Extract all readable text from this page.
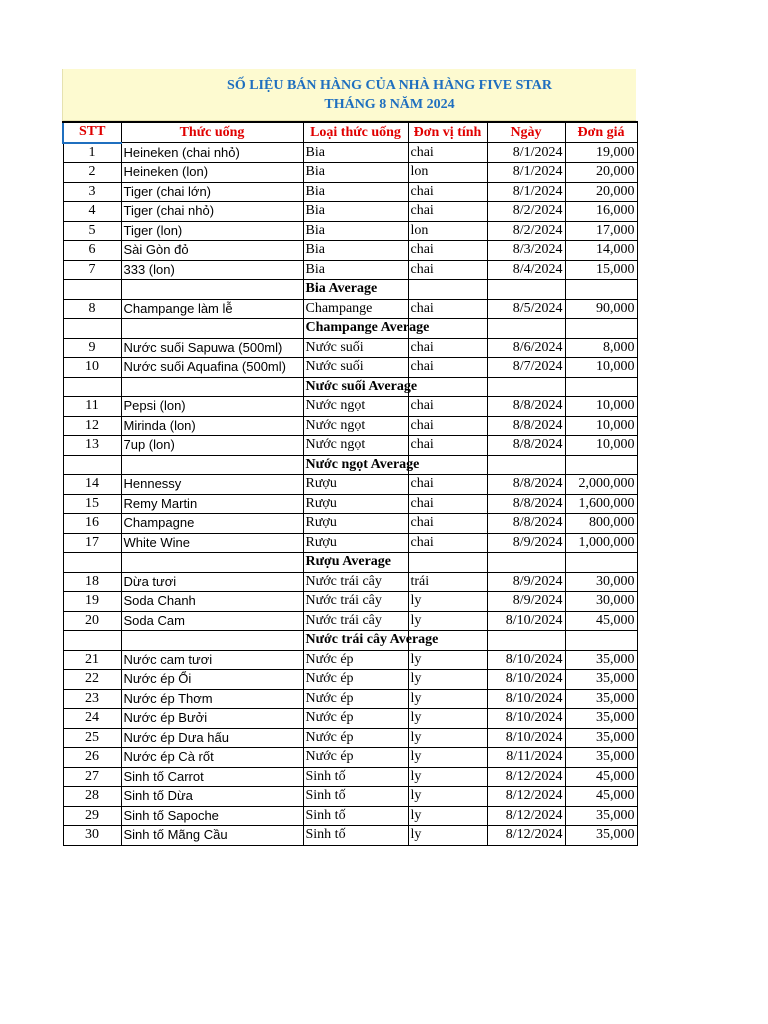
SỐ LIỆU BÁN HÀNG CỦA NHÀ HÀNG FIVE STAR
THÁNG 8 NĂM 2024
STT	Thức uống	Loại thức uống	Đơn vị tính	Ngày	Đơn giá
1	Heineken (chai nhỏ)	Bia	chai	8/1/2024	19,000
2	Heineken (lon)	Bia	lon	8/1/2024	20,000
3	Tiger (chai lớn)	Bia	chai	8/1/2024	20,000
4	Tiger (chai nhỏ)	Bia	chai	8/2/2024	16,000
5	Tiger (lon)	Bia	lon	8/2/2024	17,000
6	Sài Gòn đỏ	Bia	chai	8/3/2024	14,000
7	333 (lon)	Bia	chai	8/4/2024	15,000
		Bia Average			
8	Champange làm lễ	Champange	chai	8/5/2024	90,000
		Champange Average			
9	Nước suối Sapuwa (500ml)	Nước suối	chai	8/6/2024	8,000
10	Nước suối Aquafina (500ml)	Nước suối	chai	8/7/2024	10,000
		Nước suối Average			
11	Pepsi (lon)	Nước ngọt	chai	8/8/2024	10,000
12	Mirinda (lon)	Nước ngọt	chai	8/8/2024	10,000
13	7up (lon)	Nước ngọt	chai	8/8/2024	10,000
		Nước ngọt Average			
14	Hennessy	Rượu	chai	8/8/2024	2,000,000
15	Remy Martin	Rượu	chai	8/8/2024	1,600,000
16	Champagne	Rượu	chai	8/8/2024	800,000
17	White Wine	Rượu	chai	8/9/2024	1,000,000
		Rượu Average			
18	Dừa tươi	Nước trái cây	trái	8/9/2024	30,000
19	Soda Chanh	Nước trái cây	ly	8/9/2024	30,000
20	Soda Cam	Nước trái cây	ly	8/10/2024	45,000
		Nước trái cây Average			
21	Nước cam tươi	Nước ép	ly	8/10/2024	35,000
22	Nước ép Ổi	Nước ép	ly	8/10/2024	35,000
23	Nước ép Thơm	Nước ép	ly	8/10/2024	35,000
24	Nước ép Bưởi	Nước ép	ly	8/10/2024	35,000
25	Nước ép Dưa hấu	Nước ép	ly	8/10/2024	35,000
26	Nước ép Cà rốt	Nước ép	ly	8/11/2024	35,000
27	Sinh tố Carrot	Sinh tố	ly	8/12/2024	45,000
28	Sinh tố Dừa	Sinh tố	ly	8/12/2024	45,000
29	Sinh tố Sapoche	Sinh tố	ly	8/12/2024	35,000
30	Sinh tố Mãng Cầu	Sinh tố	ly	8/12/2024	35,000
